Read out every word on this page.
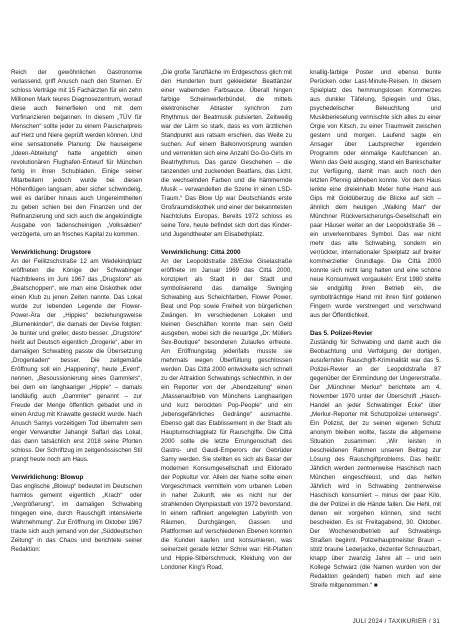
Reich der gewöhnlichen Gastronomie verlassend, griff Anusch nach den Sternen. Er schloss Verträge mit 15 Fachärzten für ein zehn Millionen Mark teures Diagnosezentrum, worauf diese auch fleinerfielen und mit dem Vorfinanzieren begannen. In diesem „TÜV für Menschen“ sollte jeder zu einem Pauschalpreis auf Herz und Niere geprüft werden können. Und eine sensationelle Planung: Die hauseigene „Ideen-Abteilung“ hatte angeblich einen revolutionären Flughafen-Entwurf für München fertig in ihren Schubladen. Einige seiner Mitarbeitern jedoch wurde bei diesen Höhenflügen langsam, aber sicher schwindelig, weil es darüber hinaus auch Ungereimtheiten zu geben schien bei den Finanzen und der Refinanzierung und sich auch die angekündigte Ausgabe von fadenscheinigen „Volksaktien“ verzögerte, um an frisches Kapital zu kommen.

Verwirklichung: Drugstore

An der Feilitzschstraße 12 am Wedekindplatz eröffneten die Könige der Schwabinger Nachtbleens im Juni 1967 das „Drugstore“ als „Beatschoppen“, wie man eine Diskothek oder einen Klub zu jenen Zeiten nannte. Das Lokal wurde zur lebenden Legende der Flower-Power-Ära der „Hippies“ beziehungsweise „Blumenkinder“, die damals der Devise folgten: Je bunter und greller, desto besser. „Drugstore“ heißt auf Deutsch eigentlich „Drogerie“, aber im damaligen Schwabing passte die Übersetzung „Drogenladen“ besser. Die zeitgemäße Eröffnung soll ein „Happening“, heute „Event“, nennen, „Besoussionierung eines Gammlers“, bei dem ein langhaariger „Hippie“ – damals landläufig auch „Gammler“ genannt – zur Freude der Menge öffentlich gebadet und in einen Anzug mit Krawatte gesteckt wurde. Nach Anusch Samys vorzeitigem Tod übernahm sein enger Verwandter Jahangir Saffari das Lokal, das dann tatsächlich erst 2018 seine Pforten schloss. Der Schriftzug im zeitgenössischen Stil prangt heute noch am Haus.

Verwirklichung: Blowup

Das englische „Blowup“ bedeutet im Deutschen harmlos gemeint eigentlich „Krach“ oder „Vergrößerung“, im damaligen Schwabing hingegen eine, durch Rauschgift intensivierte Wahrnehmung“. Zur Eröffnung im Oktober 1967 traute sich auch jemand von der „Süddeutschen Zeitung“ in das Chaos und berichtete seiner Redaktion:

„Die große Tanzfläche im Erdgeschoss glich mit den Hunderten bunt gekleideter Beattänzer einer wabernden Farbsauce. Überall hingen farbige Scheinwerferbündel, die mittels elektronischer Abtaster synchron zum Rhythmus der Beatmusik pulsierten. Zeitweilig war der Lärm so stark, dass es vom ärztlichen Standpunkt aus ratsam erschien, das Weite zu suchen. Auf einem Balkonvorsprung wanden und verrenkten sich eine Anzahl Go-Go-Girls im Beatrhythmus. Das ganze Geschehen – die tanzenden und zuckenden Beatfans, das Licht, die wechselnden Farben und die hämmernde Musik – verwandelten die Szene in einen LSD-Traum.“ Das Blow Up war Deutschlands erste Großraumdiskothek und einer der bekanntesten Nachtclubs Europas. Bereits 1972 schloss es seine Tore, heute befindet sich dort das Kinder- und Jugendtheater am Elisabethplatz.

Verwirklichung: Cittá 2000

An der Leopoldstraße 28/Ecke Giselastraße eröffnete im Januar 1969 das Cittá 2000, konzipiert als Stadt in der Stadt und symbolisierend das damalige Swinging Schwabing aus Scheichfarben, Flower Power, Beat und Pop sowie Freiheit von bürgerlichen Zwängen. Im verschiedenen Lokalen und kleinen Geschäften konnte man sein Geld ausgeben, wobei sich die neuartige „Dr. Müllers Sex-Boutique“ besonderen Zulaufes erfreute. Am Eröffnungstag jedenfalls musste sie mehrmals wegen Überfüllung geschlossen werden. Das Cittá 2000 entwickelte sich schnell zu der Attraktion Schwabings schlechthin, in der ein Reporter von der „Abendzeitung“ einen „Massenauftrieb von Münchens Langhaarigen und kurz berockten Pop-People“ und ein „lebensgefährliches Gedränge“ ausmachte. Ebenso galt das Etablissement in der Stadt als Hauptumschlagplatz für Rauschgifte. Die Cittá 2000 sollte die letzte Errungenschaft des Gastro- und Gaudi-Emperors der Gebrüder Samy werden. Sie stellten es sich als Basar der modernen Konsumgesellschaft und Eldorado der Popkultur vor. Allein der Name sollte einen Vorgeschmack vermitteln vom urbanen Leben in naher Zukunft, wie es nicht nur der strahlenden Olympiastadt von 1972 bevorstand. In einem raffiniert angelegten Labyrinth von Räumen, Durchgängen, Gassen und Plattformen auf verschiedenen Ebenen konnten die Kunden kaufen und konsumieren, was seinerzeit gerade letzter Schrei war: Hit-Platten und Hippie-Silberschmuck, Kleidung von der Londoner King's Road,

knallig-farbige Poster und ebenso bunte Perücken oder Last-Minute-Reisen. In diesem Spielplatz des hemmungslosen Kommerzes aus dunkler Täfelung, Spiegeln und Glas, psychedelischer Beleuchtung und Musikberieselung vermischte sich alles zu einer Orgie von Kitsch, zu einer Traumwelt zwischen gestern und morgen. Laufend sagte ein Ansager über Lautsprecher irgendein Programm oder einmalige Kaufchancen an. Wenn das Geld ausging, stand ein Bankschalter zur Verfügung, damit man auch noch den letzten Pfennig abheben konnte. Vor dem Haus lenkte eine dreieinhalb Meter hohe Hand aus Gips mit Goldüberzug die Blicke auf sich – ähnlich dem heutigen „Walking Man“ der Münchner Rückversicherungs-Gesellschaft ein paar Häuser weiter an der Leopoldstraße 36 – ein unverkennbares Symbol. Das war nicht mehr das alte Schwabing, sondern ein verrückter, internationaler Spielplatz auf breiter kommerzieller Grundlage. Die Cittá 2000 konnte sich nicht lang halten und eine schöne neue Konsumwelt vorgaukeln: Erst 1980 stellte sie endgültig ihren Betrieb ein, die symbolträchtige Hand mit ihren fünf goldenen Fingern wurde verstrengert und verschwand aus der Öffentlichkeit.

Das 5. Polizei-Revier

Zuständig für Schwabing und damit auch die Beobachtung und Verfolgung der dortigen, ausufernden Rauschgift-Kriminalität war das 5. Polizei-Revier an der Leopoldstraße 87 gegenüber der Einmündung der Ungererstraße. Der „Münchner Merkur“ berichtete am 4. November 1970 unter der Überschrift „Hasch-Handel an jeder Schwabinger Ecke“ über „Merkur-Reporter mit Schutzpolizei unterwegs“. Ein Polizist, der zu seinen eigenen Schutz anonym bleiben wollte, fasste die allgemeine Situation zusammen: „Wir leisten in bescheidenen Rahmen unseren Beitrag zur Lösung des Rauschgiftproblems. Das heißt: Jährlich werden zentnerweise Haschisch nach München eingeschleust, und das helfen Jährlich wird in Schwabing zentnerweise Haschisch konsumiert – minus der paar Kilo, die der Polizei in die Hände fallen. Die Hehl, mit denen wir vorgehen können, sind recht bescheiden. Es ist Freitagabend, 30. Oktober. Der Wochenendbetrieb auf Schwabings Straßen beginnt. Polizeihauptmeister Braun – stolz braune Lederjacke, dezenter Schnauzbart, knapp über zwanzig Jahre alt – und sein Kollege Schwarz (die Namen wurden von der Redaktion geändert) haben mich auf eine Streife mitgenommen.“ ■

JULI 2024 / TAXIKURIER / 31
